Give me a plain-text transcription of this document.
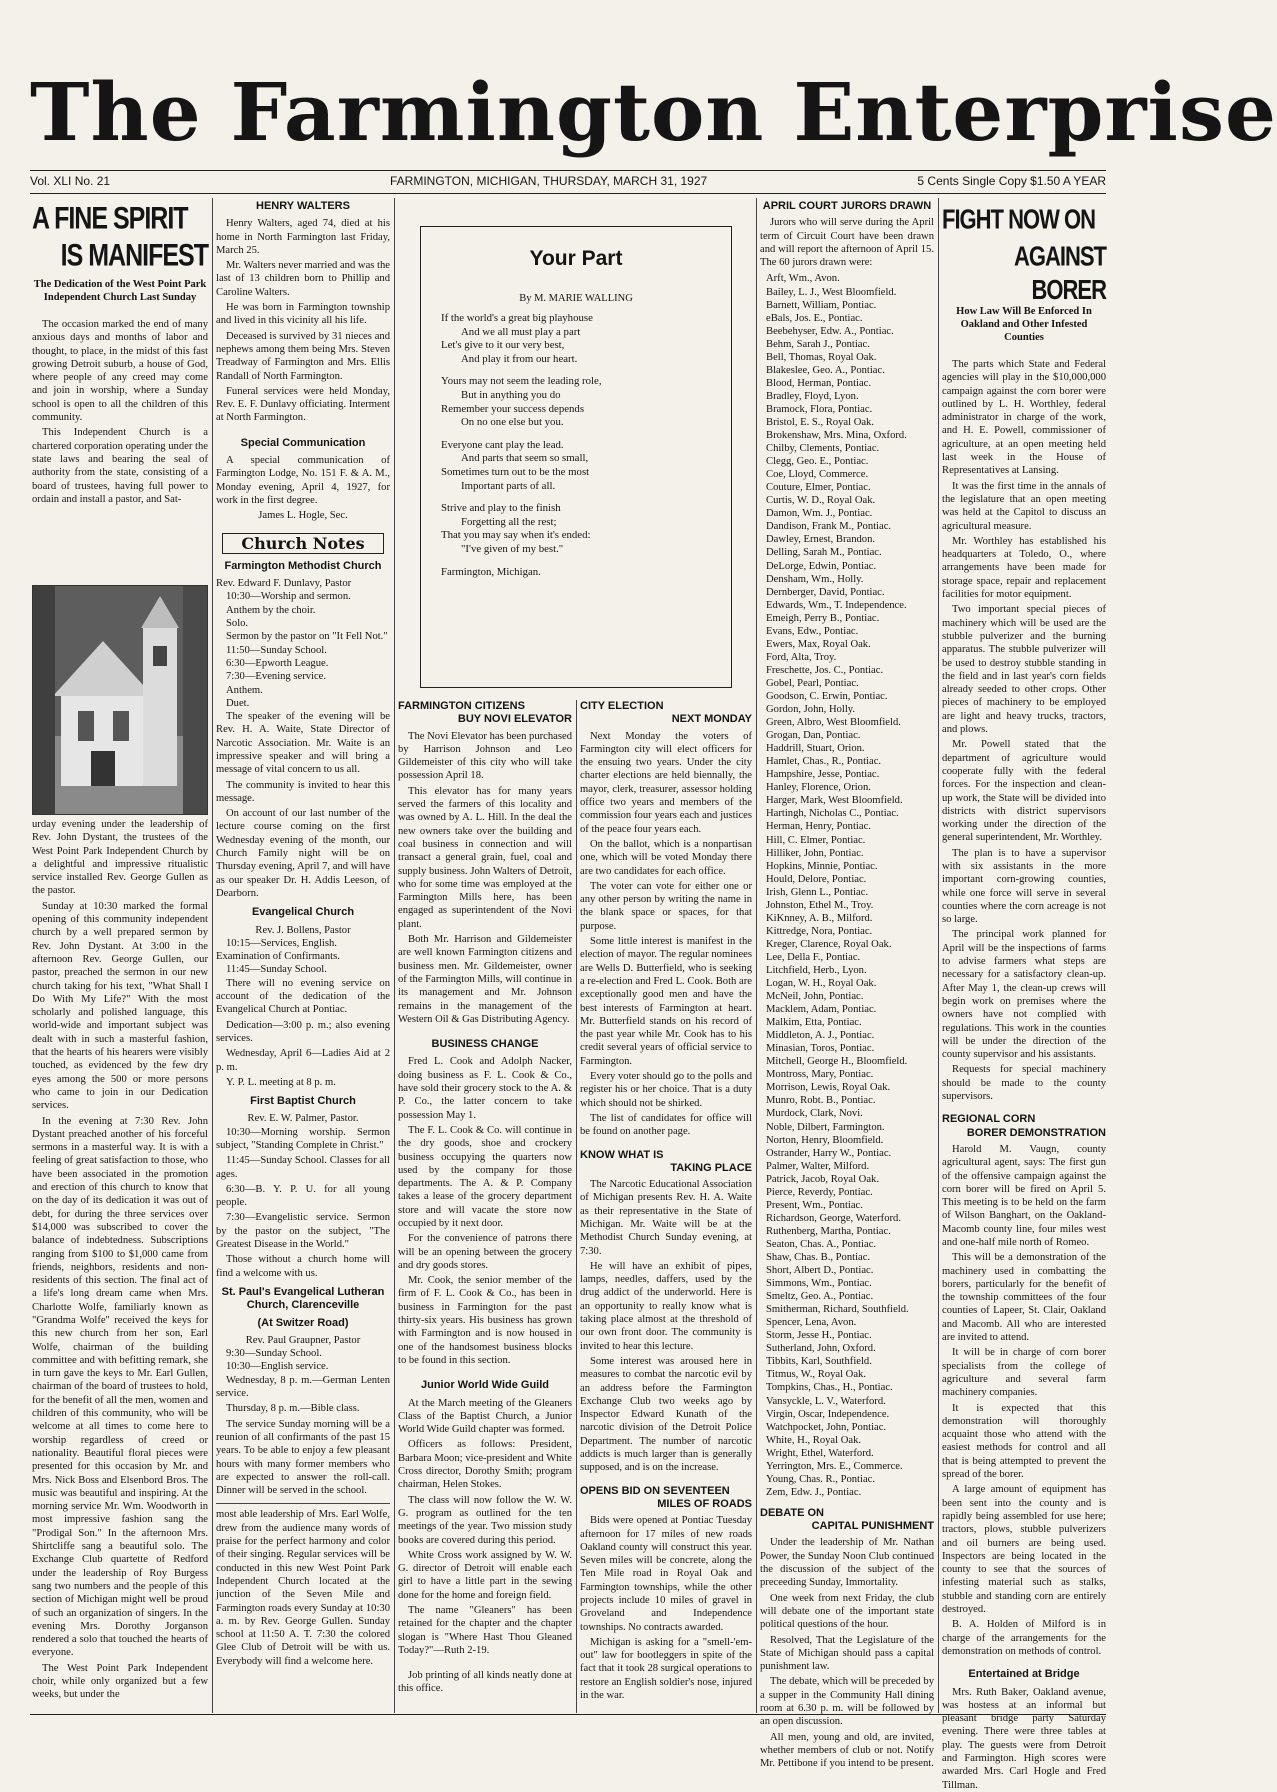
The Farmington Enterprise
Vol. XLI No. 21	FARMINGTON, MICHIGAN, THURSDAY, MARCH 31, 1927	5 Cents Single Copy $1.50 A YEAR
A FINE SPIRIT
IS MANIFEST
The Dedication of the West Point Park Independent Church Last Sunday

The occasion marked the end of many anxious days and months of labor and thought, to place, in the midst of this fast growing Detroit suburb, a house of God, where people of any creed may come and join in worship, where a Sunday school is open to all the children of this community.

This Independent Church is a chartered corporation operating under the state laws and bearing the seal of authority from the state, consisting of a board of trustees, having full power to ordain and install a pastor, and Sat-

urday evening under the leadership of Rev. John Dystant, the trustees of the West Point Park Independent Church by a delightful and impressive ritualistic service installed Rev. George Gullen as the pastor.

Sunday at 10:30 marked the formal opening of this community independent church by a well prepared sermon by Rev. John Dystant. At 3:00 in the afternoon Rev. George Gullen, our pastor, preached the sermon in our new church taking for his text, "What Shall I Do With My Life?" With the most scholarly and polished language, this world-wide and important subject was dealt with in such a masterful fashion, that the hearts of his hearers were visibly touched, as evidenced by the few dry eyes among the 500 or more persons who came to join in our Dedication services.

In the evening at 7:30 Rev. John Dystant preached another of his forceful sermons in a masterful way. It is with a feeling of great satisfaction to those, who have been associated in the promotion and erection of this church to know that on the day of its dedication it was out of debt, for during the three services over $14,000 was subscribed to cover the balance of indebtedness. Subscriptions ranging from $100 to $1,000 came from friends, neighbors, residents and non-residents of this section. The final act of a life's long dream came when Mrs. Charlotte Wolfe, familiarly known as "Grandma Wolfe" received the keys for this new church from her son, Earl Wolfe, chairman of the building committee and with befitting remark, she in turn gave the keys to Mr. Earl Gullen, chairman of the board of trustees to hold, for the benefit of all the men, women and children of this community, who will be welcome at all times to come here to worship regardless of creed or nationality. Beautiful floral pieces were presented for this occasion by Mr. and Mrs. Nick Boss and Elsenbord Bros. The music was beautiful and inspiring. At the morning service Mr. Wm. Woodworth in most impressive fashion sang the "Prodigal Son." In the afternoon Mrs. Shirtcliffe sang a beautiful solo. The Exchange Club quartette of Redford under the leadership of Roy Burgess sang two numbers and the people of this section of Michigan might well be proud of such an organization of singers. In the evening Mrs. Dorothy Jorganson rendered a solo that touched the hearts of everyone.

The West Point Park Independent choir, while only organized but a few weeks, but under the

HENRY WALTERS

Henry Walters, aged 74, died at his home in North Farmington last Friday, March 25.

Mr. Walters never married and was the last of 13 children born to Phillip and Caroline Walters.

He was born in Farmington township and lived in this vicinity all his life.

Deceased is survived by 31 nieces and nephews among them being Mrs. Steven Treadway of Farmington and Mrs. Ellis Randall of North Farmington.

Funeral services were held Monday, Rev. E. F. Dunlavy officiating. Interment at North Farmington.

Special Communication

A special communication of Farmington Lodge, No. 151 F. & A. M., Monday evening, April 4, 1927, for work in the first degree.

James L. Hogle, Sec.
Church Notes
Farmington Methodist Church
Rev. Edward F. Dunlavy, Pastor
10:30—Worship and sermon.
Anthem by the choir.
Solo.
Sermon by the pastor on "It Fell Not."
11:50—Sunday School.
6:30—Epworth League.
7:30—Evening service.
Anthem.
Duet.

The speaker of the evening will be Rev. H. A. Waite, State Director of Narcotic Association. Mr. Waite is an impressive speaker and will bring a message of vital concern to us all.

The community is invited to hear this message.

On account of our last number of the lecture course coming on the first Wednesday evening of the month, our Church Family night will be on Thursday evening, April 7, and will have as our speaker Dr. H. Addis Leeson, of Dearborn.

Evangelical Church
Rev. J. Bollens, Pastor
10:15—Services, English.
Examination of Confirmants.
11:45—Sunday School.

There will no evening service on account of the dedication of the Evangelical Church at Pontiac.

Dedication—3:00 p. m.; also evening services.

Wednesday, April 6—Ladies Aid at 2 p. m.

Y. P. L. meeting at 8 p. m.

First Baptist Church
Rev. E. W. Palmer, Pastor.

10:30—Morning worship. Sermon subject, "Standing Complete in Christ."

11:45—Sunday School. Classes for all ages.

6:30—B. Y. P. U. for all young people.

7:30—Evangelistic service. Sermon by the pastor on the subject, "The Greatest Disease in the World."

Those without a church home will find a welcome with us.

St. Paul's Evangelical Lutheran Church, Clarenceville
(At Switzer Road)
Rev. Paul Graupner, Pastor
9:30—Sunday School.
10:30—English service.

Wednesday, 8 p. m.—German Lenten service.

Thursday, 8 p. m.—Bible class.

The service Sunday morning will be a reunion of all confirmants of the past 15 years. To be able to enjoy a few pleasant hours with many former members who are expected to answer the roll-call. Dinner will be served in the school.

most able leadership of Mrs. Earl Wolfe, drew from the audience many words of praise for the perfect harmony and color of their singing. Regular services will be conducted in this new West Point Park Independent Church located at the junction of the Seven Mile and Farmington roads every Sunday at 10:30 a. m. by Rev. George Gullen. Sunday school at 11:50 A. T. 7:30 the colored Glee Club of Detroit will be with us. Everybody will find a welcome here.

Your Part
By M. MARIE WALLING
If the world's a great big playhouse
And we all must play a part
Let's give to it our very best,
And play it from our heart.
Yours may not seem the leading role,
But in anything you do
Remember your success depends
On no one else but you.
Everyone cant play the lead.
And parts that seem so small,
Sometimes turn out to be the most
Important parts of all.
Strive and play to the finish
Forgetting all the rest;
That you may say when it's ended:
"I've given of my best."
Farmington, Michigan.
FARMINGTON CITIZENS
BUY NOVI ELEVATOR

The Novi Elevator has been purchased by Harrison Johnson and Leo Gildemeister of this city who will take possession April 18.

This elevator has for many years served the farmers of this locality and was owned by A. L. Hill. In the deal the new owners take over the building and coal business in connection and will transact a general grain, fuel, coal and supply business. John Walters of Detroit, who for some time was employed at the Farmington Mills here, has been engaged as superintendent of the Novi plant.

Both Mr. Harrison and Gildemeister are well known Farmington citizens and business men. Mr. Gildemeister, owner of the Farmington Mills, will continue in its management and Mr. Johnson remains in the management of the Western Oil & Gas Distributing Agency.

BUSINESS CHANGE

Fred L. Cook and Adolph Nacker, doing business as F. L. Cook & Co., have sold their grocery stock to the A. & P. Co., the latter concern to take possession May 1.

The F. L. Cook & Co. will continue in the dry goods, shoe and crockery business occupying the quarters now used by the company for those departments. The A. & P. Company takes a lease of the grocery department store and will vacate the store now occupied by it next door.

For the convenience of patrons there will be an opening between the grocery and dry goods stores.

Mr. Cook, the senior member of the firm of F. L. Cook & Co., has been in business in Farmington for the past thirty-six years. His business has grown with Farmington and is now housed in one of the handsomest business blocks to be found in this section.

Junior World Wide Guild

At the March meeting of the Gleaners Class of the Baptist Church, a Junior World Wide Guild chapter was formed.

Officers as follows: President, Barbara Moon; vice-president and White Cross director, Dorothy Smith; program chairman, Helen Stokes.

The class will now follow the W. W. G. program as outlined for the ten meetings of the year. Two mission study books are covered during this period.

White Cross work assigned by W. W. G. director of Detroit will enable each girl to have a little part in the sewing done for the home and foreign field.

The name "Gleaners" has been retained for the chapter and the chapter slogan is "Where Hast Thou Gleaned Today?"—Ruth 2-19.

Job printing of all kinds neatly done at this office.

CITY ELECTION
NEXT MONDAY

Next Monday the voters of Farmington city will elect officers for the ensuing two years. Under the city charter elections are held biennally, the mayor, clerk, treasurer, assessor holding office two years and members of the commission four years each and justices of the peace four years each.

On the ballot, which is a nonpartisan one, which will be voted Monday there are two candidates for each office.

The voter can vote for either one or any other person by writing the name in the blank space or spaces, for that purpose.

Some little interest is manifest in the election of mayor. The regular nominees are Wells D. Butterfield, who is seeking a re-election and Fred L. Cook. Both are exceptionally good men and have the best interests of Farmington at heart. Mr. Butterfield stands on his record of the past year while Mr. Cook has to his credit several years of official service to Farmington.

Every voter should go to the polls and register his or her choice. That is a duty which should not be shirked.

The list of candidates for office will be found on another page.

KNOW WHAT IS
TAKING PLACE

The Narcotic Educational Association of Michigan presents Rev. H. A. Waite as their representative in the State of Michigan. Mr. Waite will be at the Methodist Church Sunday evening, at 7:30.

He will have an exhibit of pipes, lamps, needles, daffers, used by the drug addict of the underworld. Here is an opportunity to really know what is taking place almost at the threshold of our own front door. The community is invited to hear this lecture.

Some interest was aroused here in measures to combat the narcotic evil by an address before the Farmington Exchange Club two weeks ago by Inspector Edward Kunath of the narcotic division of the Detroit Police Department. The number of narcotic addicts is much larger than is generally supposed, and is on the increase.

OPENS BID ON SEVENTEEN
MILES OF ROADS

Bids were opened at Pontiac Tuesday afternoon for 17 miles of new roads Oakland county will construct this year. Seven miles will be concrete, along the Ten Mile road in Royal Oak and Farmington townships, while the other projects include 10 miles of gravel in Groveland and Independence townships. No contracts awarded.

Michigan is asking for a "smell-'em-out" law for bootleggers in spite of the fact that it took 28 surgical operations to restore an English soldier's nose, injured in the war.

APRIL COURT JURORS DRAWN

Jurors who will serve during the April term of Circuit Court have been drawn and will report the afternoon of April 15. The 60 jurors drawn were:

Arft, Wm., Avon.
Bailey, L. J., West Bloomfield.
Barnett, William, Pontiac.
eBals, Jos. E., Pontiac.
Beebehyser, Edw. A., Pontiac.
Behm, Sarah J., Pontiac.
Bell, Thomas, Royal Oak.
Blakeslee, Geo. A., Pontiac.
Blood, Herman, Pontiac.
Bradley, Floyd, Lyon.
Bramock, Flora, Pontiac.
Bristol, E. S., Royal Oak.
Brokenshaw, Mrs. Mina, Oxford.
Chilby, Clements, Pontiac.
Clegg, Geo. E., Pontiac.
Coe, Lloyd, Commerce.
Couture, Elmer, Pontiac.
Curtis, W. D., Royal Oak.
Damon, Wm. J., Pontiac.
Dandison, Frank M., Pontiac.
Dawley, Ernest, Brandon.
Delling, Sarah M., Pontiac.
DeLorge, Edwin, Pontiac.
Densham, Wm., Holly.
Dernberger, David, Pontiac.
Edwards, Wm., T. Independence.
Emeigh, Perry B., Pontiac.
Evans, Edw., Pontiac.
Ewers, Max, Royal Oak.
Ford, Alta, Troy.
Freschette, Jos. C., Pontiac.
Gobel, Pearl, Pontiac.
Goodson, C. Erwin, Pontiac.
Gordon, John, Holly.
Green, Albro, West Bloomfield.
Grogan, Dan, Pontiac.
Haddrill, Stuart, Orion.
Hamlet, Chas., R., Pontiac.
Hampshire, Jesse, Pontiac.
Hanley, Florence, Orion.
Harger, Mark, West Bloomfield.
Hartingh, Nicholas C., Pontiac.
Herman, Henry, Pontiac.
Hill, C. Elmer, Pontiac.
Hilliker, John, Pontiac.
Hopkins, Minnie, Pontiac.
Hould, Delore, Pontiac.
Irish, Glenn L., Pontiac.
Johnston, Ethel M., Troy.
KiKnney, A. B., Milford.
Kittredge, Nora, Pontiac.
Kreger, Clarence, Royal Oak.
Lee, Della F., Pontiac.
Litchfield, Herb., Lyon.
Logan, W. H., Royal Oak.
McNeil, John, Pontiac.
Macklem, Adam, Pontiac.
Malkim, Etta, Pontiac.
Middleton, A. J., Pontiac.
Minasian, Toros, Pontiac.
Mitchell, George H., Bloomfield.
Montross, Mary, Pontiac.
Morrison, Lewis, Royal Oak.
Munro, Robt. B., Pontiac.
Murdock, Clark, Novi.
Noble, Dilbert, Farmington.
Norton, Henry, Bloomfield.
Ostrander, Harry W., Pontiac.
Palmer, Walter, Milford.
Patrick, Jacob, Royal Oak.
Pierce, Reverdy, Pontiac.
Present, Wm., Pontiac.
Richardson, George, Waterford.
Ruthenberg, Martha, Pontiac.
Seaton, Chas. A., Pontiac.
Shaw, Chas. B., Pontiac.
Short, Albert D., Pontiac.
Simmons, Wm., Pontiac.
Smeltz, Geo. A., Pontiac.
Smitherman, Richard, Southfield.
Spencer, Lena, Avon.
Storm, Jesse H., Pontiac.
Sutherland, John, Oxford.
Tibbits, Karl, Southfield.
Titmus, W., Royal Oak.
Tompkins, Chas., H., Pontiac.
Vansyckle, L. V., Waterford.
Virgin, Oscar, Independence.
Watchpocket, John, Pontiac.
White, H., Royal Oak.
Wright, Ethel, Waterford.
Yerrington, Mrs. E., Commerce.
Young, Chas. R., Pontiac.
Zem, Edw. J., Pontiac.
DEBATE ON
CAPITAL PUNISHMENT

Under the leadership of Mr. Nathan Power, the Sunday Noon Club continued the discussion of the subject of the preceeding Sunday, Immortality.

One week from next Friday, the club will debate one of the important state political questions of the hour.

Resolved, That the Legislature of the State of Michigan should pass a capital punishment law.

The debate, which will be preceded by a supper in the Community Hall dining room at 6.30 p. m. will be followed by an open discussion.

All men, young and old, are invited, whether members of club or not. Notify Mr. Pettibone if you intend to be present.

FIGHT NOW ON
AGAINST BORER
How Law Will Be Enforced In Oakland and Other Infested Counties

The parts which State and Federal agencies will play in the $10,000,000 campaign against the corn borer were outlined by L. H. Worthley, federal administrator in charge of the work, and H. E. Powell, commissioner of agriculture, at an open meeting held last week in the House of Representatives at Lansing.

It was the first time in the annals of the legislature that an open meeting was held at the Capitol to discuss an agricultural measure.

Mr. Worthley has established his headquarters at Toledo, O., where arrangements have been made for storage space, repair and replacement facilities for motor equipment.

Two important special pieces of machinery which will be used are the stubble pulverizer and the burning apparatus. The stubble pulverizer will be used to destroy stubble standing in the field and in last year's corn fields already seeded to other crops. Other pieces of machinery to be employed are light and heavy trucks, tractors, and plows.

Mr. Powell stated that the department of agriculture would cooperate fully with the federal forces. For the inspection and clean-up work, the State will be divided into districts with district supervisors working under the direction of the general superintendent, Mr. Worthley.

The plan is to have a supervisor with six assistants in the more important corn-growing counties, while one force will serve in several counties where the corn acreage is not so large.

The principal work planned for April will be the inspections of farms to advise farmers what steps are necessary for a satisfactory clean-up. After May 1, the clean-up crews will begin work on premises where the owners have not complied with regulations. This work in the counties will be under the direction of the county supervisor and his assistants.

Requests for special machinery should be made to the county supervisors.

REGIONAL CORN
BORER DEMONSTRATION

Harold M. Vaugn, county agricultural agent, says: The first gun of the offensive campaign against the corn borer will be fired on April 5. This meeting is to be held on the farm of Wilson Banghart, on the Oakland-Macomb county line, four miles west and one-half mile north of Romeo.

This will be a demonstration of the machinery used in combatting the borers, particularly for the benefit of the township committees of the four counties of Lapeer, St. Clair, Oakland and Macomb. All who are interested are invited to attend.

It will be in charge of corn borer specialists from the college of agriculture and several farm machinery companies.

It is expected that this demonstration will thoroughly acquaint those who attend with the easiest methods for control and all that is being attempted to prevent the spread of the borer.

A large amount of equipment has been sent into the county and is rapidly being assembled for use here; tractors, plows, stubble pulverizers and oil burners are being used. Inspectors are being located in the county to see that the sources of infesting material such as stalks, stubble and standing corn are entirely destroyed.

B. A. Holden of Milford is in charge of the arrangements for the demonstration on methods of control.

Entertained at Bridge

Mrs. Ruth Baker, Oakland avenue, was hostess at an informal but pleasant bridge party Saturday evening. There were three tables at play. The guests were from Detroit and Farmington. High scores were awarded Mrs. Carl Hogle and Fred Tillman.
